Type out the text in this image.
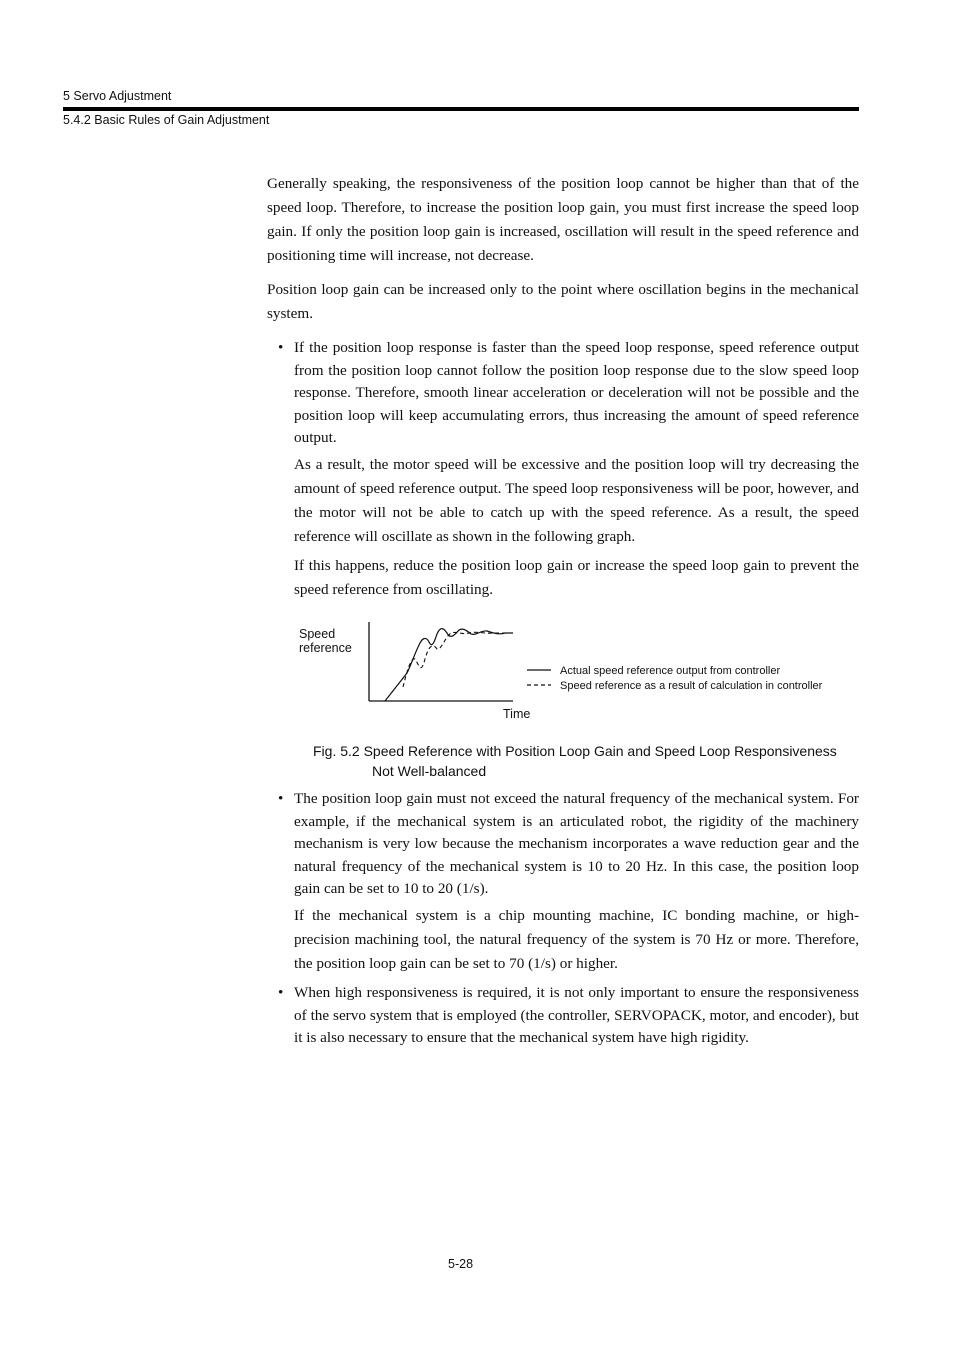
5 Servo Adjustment
5.4.2 Basic Rules of Gain Adjustment

Generally speaking, the responsiveness of the position loop cannot be higher than that of the speed loop. Therefore, to increase the position loop gain, you must first increase the speed loop gain. If only the position loop gain is increased, oscillation will result in the speed reference and positioning time will increase, not decrease.

Position loop gain can be increased only to the point where oscillation begins in the mechanical system.

• If the position loop response is faster than the speed loop response, speed reference output from the position loop cannot follow the position loop response due to the slow speed loop response. Therefore, smooth linear acceleration or deceleration will not be possible and the position loop will keep accumulating errors, thus increasing the amount of speed reference output.

As a result, the motor speed will be excessive and the position loop will try decreasing the amount of speed reference output. The speed loop responsiveness will be poor, however, and the motor will not be able to catch up with the speed reference. As a result, the speed reference will oscillate as shown in the following graph.

If this happens, reduce the position loop gain or increase the speed loop gain to prevent the speed reference from oscillating.

Speed
reference
Actual speed reference output from controller
Speed reference as a result of calculation in controller
Time
Fig. 5.2 Speed Reference with Position Loop Gain and Speed Loop Responsiveness
Not Well-balanced
• The position loop gain must not exceed the natural frequency of the mechanical system. For example, if the mechanical system is an articulated robot, the rigidity of the machinery mechanism is very low because the mechanism incorporates a wave reduction gear and the natural frequency of the mechanical system is 10 to 20 Hz. In this case, the position loop gain can be set to 10 to 20 (1/s).

If the mechanical system is a chip mounting machine, IC bonding machine, or high-precision machining tool, the natural frequency of the system is 70 Hz or more. Therefore, the position loop gain can be set to 70 (1/s) or higher.

• When high responsiveness is required, it is not only important to ensure the responsiveness of the servo system that is employed (the controller, SERVOPACK, motor, and encoder), but it is also necessary to ensure that the mechanical system have high rigidity.

5-28
